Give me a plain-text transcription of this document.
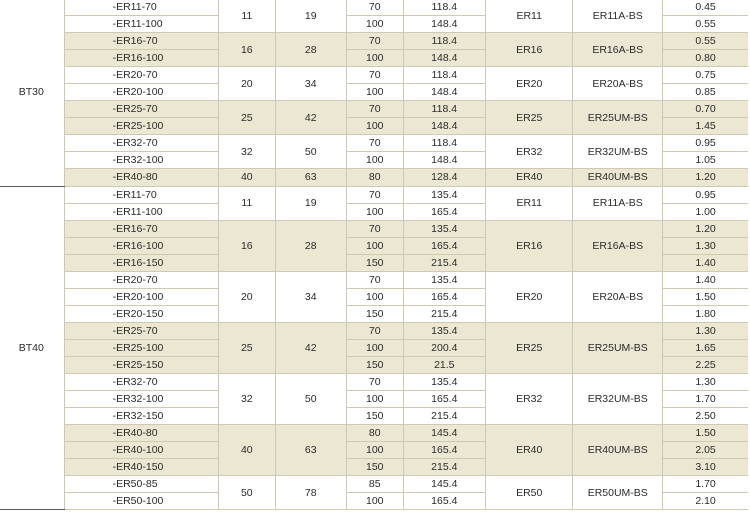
BT30	-ER11-70	11	19	70	118.4	ER11	ER11A-BS	0.45
	-ER11-100			100	148.4			0.55
	-ER16-70	16	28	70	118.4	ER16	ER16A-BS	0.55
	-ER16-100			100	148.4			0.80
	-ER20-70	20	34	70	118.4	ER20	ER20A-BS	0.75
	-ER20-100			100	148.4			0.85
	-ER25-70	25	42	70	118.4	ER25	ER25UM-BS	0.70
	-ER25-100			100	148.4			1.45
	-ER32-70	32	50	70	118.4	ER32	ER32UM-BS	0.95
	-ER32-100			100	148.4			1.05
	-ER40-80	40	63	80	128.4	ER40	ER40UM-BS	1.20
BT40	-ER11-70	11	19	70	135.4	ER11	ER11A-BS	0.95
	-ER11-100			100	165.4			1.00
	-ER16-70	16	28	70	135.4	ER16	ER16A-BS	1.20
	-ER16-100			100	165.4			1.30
	-ER16-150			150	215.4			1.40
	-ER20-70	20	34	70	135.4	ER20	ER20A-BS	1.40
	-ER20-100			100	165.4			1.50
	-ER20-150			150	215.4			1.80
	-ER25-70	25	42	70	135.4	ER25	ER25UM-BS	1.30
	-ER25-100			100	200.4			1.65
	-ER25-150			150	21.5			2.25
	-ER32-70	32	50	70	135.4	ER32	ER32UM-BS	1.30
	-ER32-100			100	165.4			1.70
	-ER32-150			150	215.4			2.50
	-ER40-80	40	63	80	145.4	ER40	ER40UM-BS	1.50
	-ER40-100			100	165.4			2.05
	-ER40-150			150	215.4			3.10
	-ER50-85	50	78	85	145.4	ER50	ER50UM-BS	1.70
	-ER50-100			100	165.4			2.10
